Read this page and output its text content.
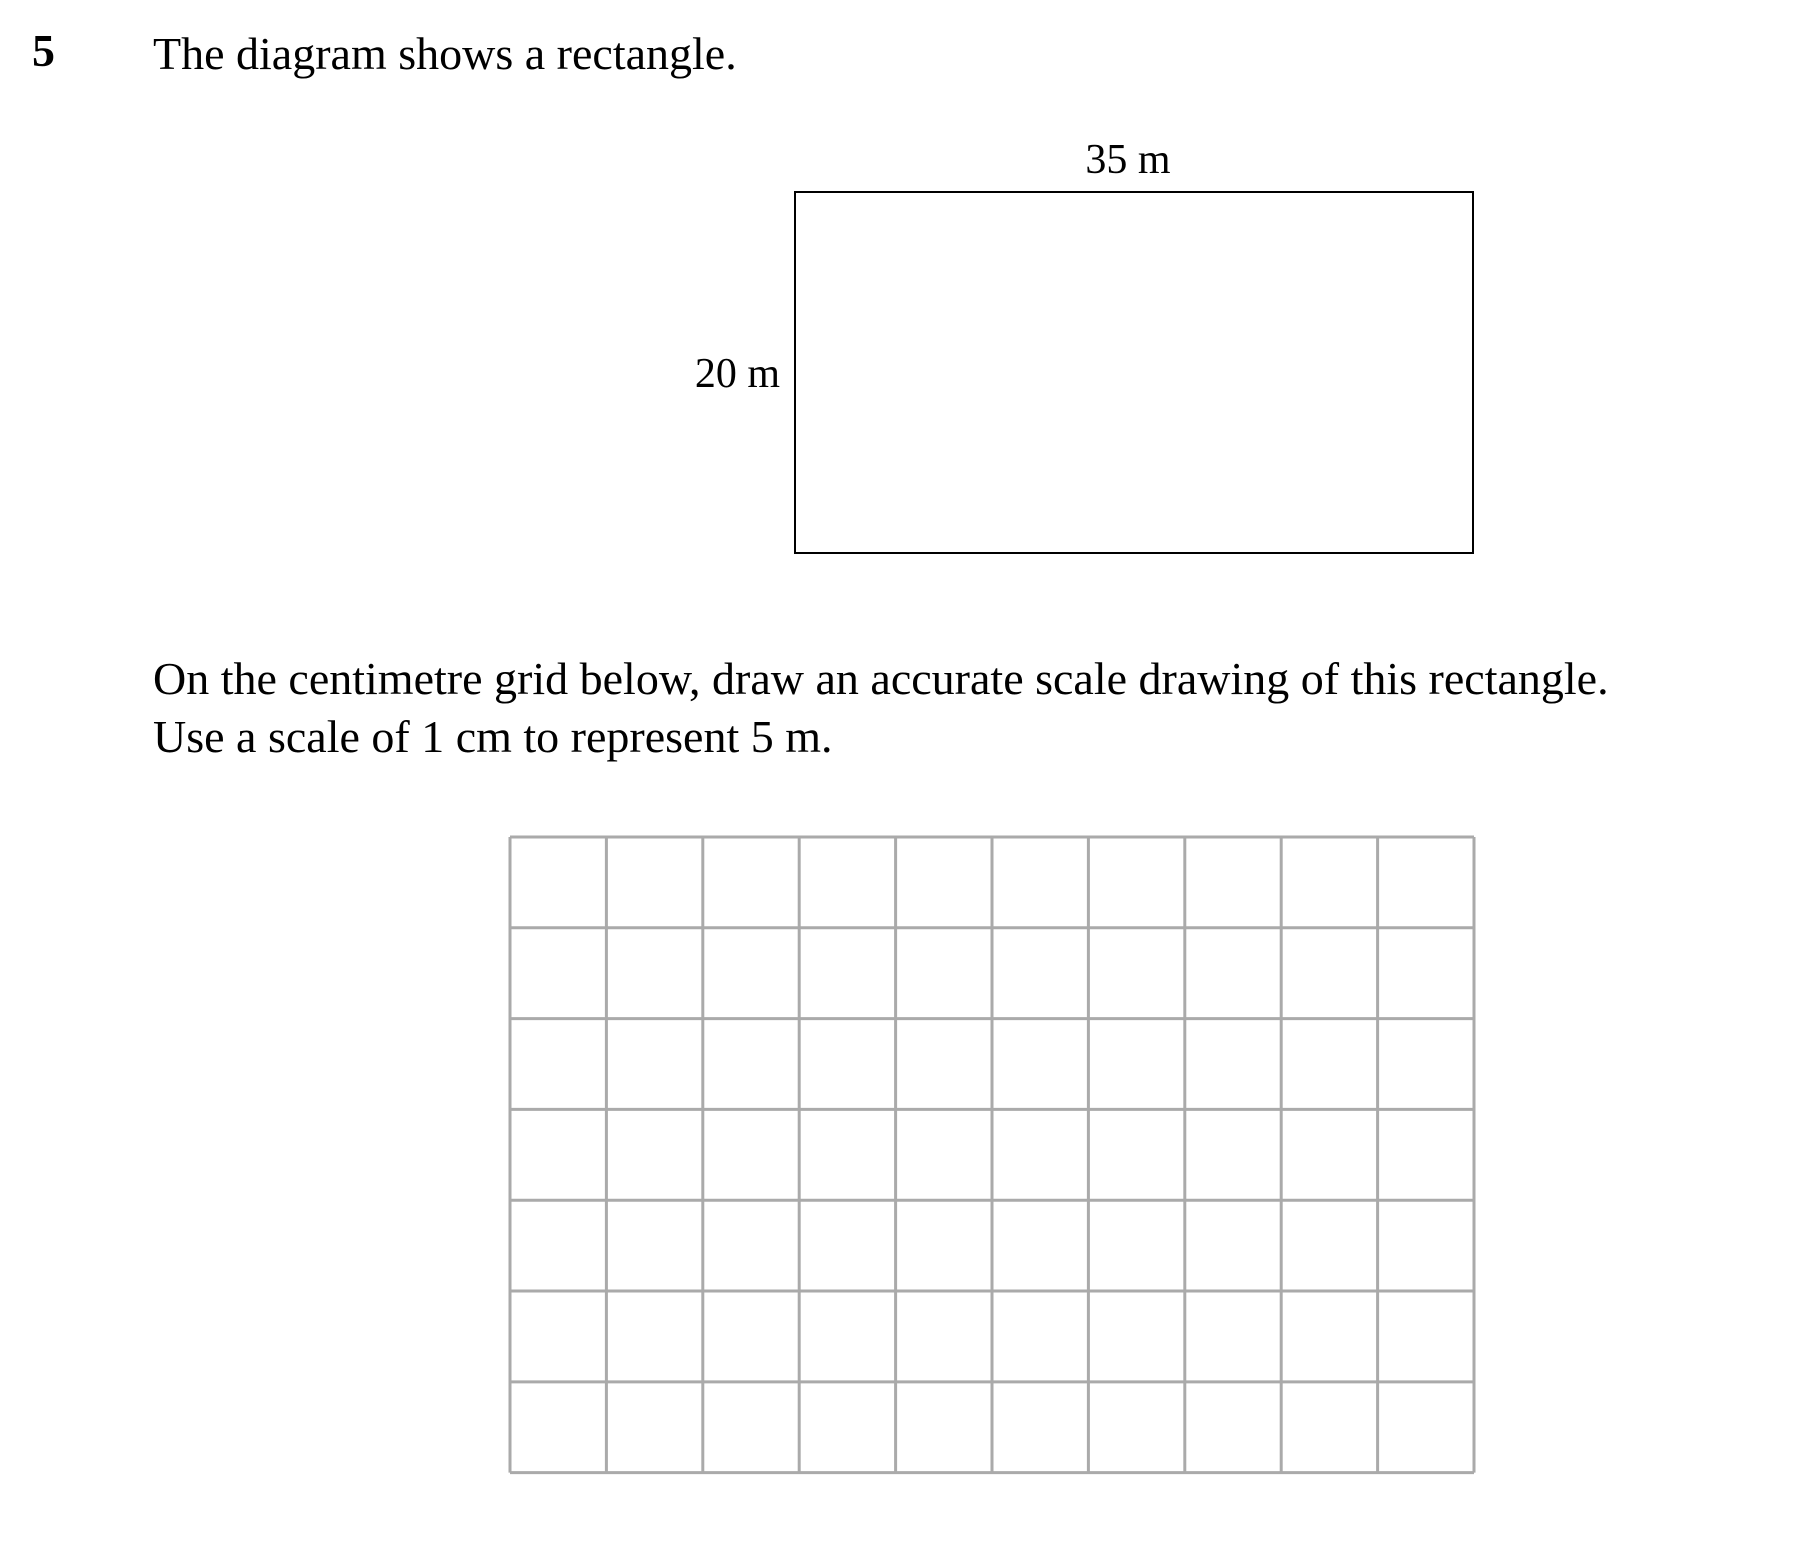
5 The diagram shows a rectangle.
35 m
20 m
On the centimetre grid below, draw an accurate scale drawing of this rectangle.
Use a scale of 1 cm to represent 5 m.
